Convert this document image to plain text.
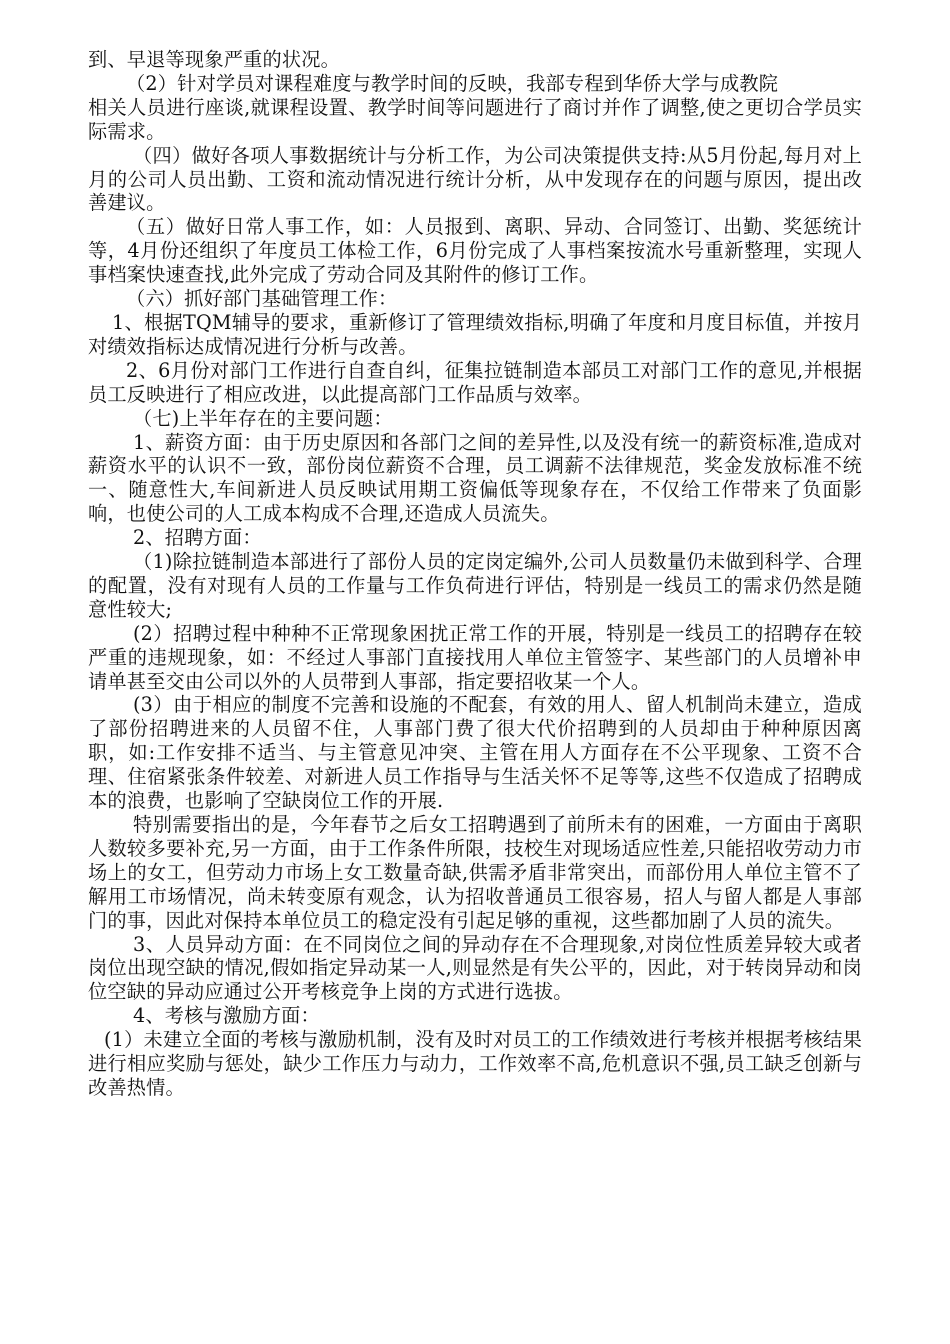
到、早退等现象严重的状况。

（2）针对学员对课程难度与教学时间的反映，我部专程到华侨大学与成教院

相关人员进行座谈,就课程设置、教学时间等问题进行了商讨并作了调整,使之更切合学员实际需求。

（四）做好各项人事数据统计与分析工作，为公司决策提供支持:从5月份起,每月对上月的公司人员出勤、工资和流动情况进行统计分析，从中发现存在的问题与原因，提出改善建议。

（五）做好日常人事工作，如：人员报到、离职、异动、合同签订、出勤、奖惩统计等，4月份还组织了年度员工体检工作，6月份完成了人事档案按流水号重新整理，实现人事档案快速查找,此外完成了劳动合同及其附件的修订工作。

（六）抓好部门基础管理工作：

1、根据TQM辅导的要求，重新修订了管理绩效指标,明确了年度和月度目标值，并按月对绩效指标达成情况进行分析与改善。

2、6月份对部门工作进行自查自纠，征集拉链制造本部员工对部门工作的意见,并根据员工反映进行了相应改进，以此提高部门工作品质与效率。

（七)上半年存在的主要问题：

1、薪资方面：由于历史原因和各部门之间的差异性,以及没有统一的薪资标准,造成对薪资水平的认识不一致，部份岗位薪资不合理，员工调薪不法律规范，奖金发放标准不统一、随意性大,车间新进人员反映试用期工资偏低等现象存在，不仅给工作带来了负面影响，也使公司的人工成本构成不合理,还造成人员流失。

2、招聘方面：

（1)除拉链制造本部进行了部份人员的定岗定编外,公司人员数量仍未做到科学、合理的配置，没有对现有人员的工作量与工作负荷进行评估，特别是一线员工的需求仍然是随意性较大;

(2）招聘过程中种种不正常现象困扰正常工作的开展，特别是一线员工的招聘存在较严重的违规现象，如：不经过人事部门直接找用人单位主管签字、某些部门的人员增补申请单甚至交由公司以外的人员带到人事部，指定要招收某一个人。

(3）由于相应的制度不完善和设施的不配套，有效的用人、留人机制尚未建立，造成了部份招聘进来的人员留不住，人事部门费了很大代价招聘到的人员却由于种种原因离职，如:工作安排不适当、与主管意见冲突、主管在用人方面存在不公平现象、工资不合理、住宿紧张条件较差、对新进人员工作指导与生活关怀不足等等,这些不仅造成了招聘成本的浪费，也影响了空缺岗位工作的开展.

特别需要指出的是，今年春节之后女工招聘遇到了前所未有的困难，一方面由于离职人数较多要补充,另一方面，由于工作条件所限，技校生对现场适应性差,只能招收劳动力市场上的女工，但劳动力市场上女工数量奇缺,供需矛盾非常突出，而部份用人单位主管不了解用工市场情况，尚未转变原有观念，认为招收普通员工很容易，招人与留人都是人事部门的事，因此对保持本单位员工的稳定没有引起足够的重视，这些都加剧了人员的流失。

3、人员异动方面：在不同岗位之间的异动存在不合理现象,对岗位性质差异较大或者岗位出现空缺的情况,假如指定异动某一人,则显然是有失公平的，因此，对于转岗异动和岗位空缺的异动应通过公开考核竞争上岗的方式进行选拔。

4、考核与激励方面：

(1）未建立全面的考核与激励机制，没有及时对员工的工作绩效进行考核并根据考核结果进行相应奖励与惩处，缺少工作压力与动力，工作效率不高,危机意识不强,员工缺乏创新与改善热情。
